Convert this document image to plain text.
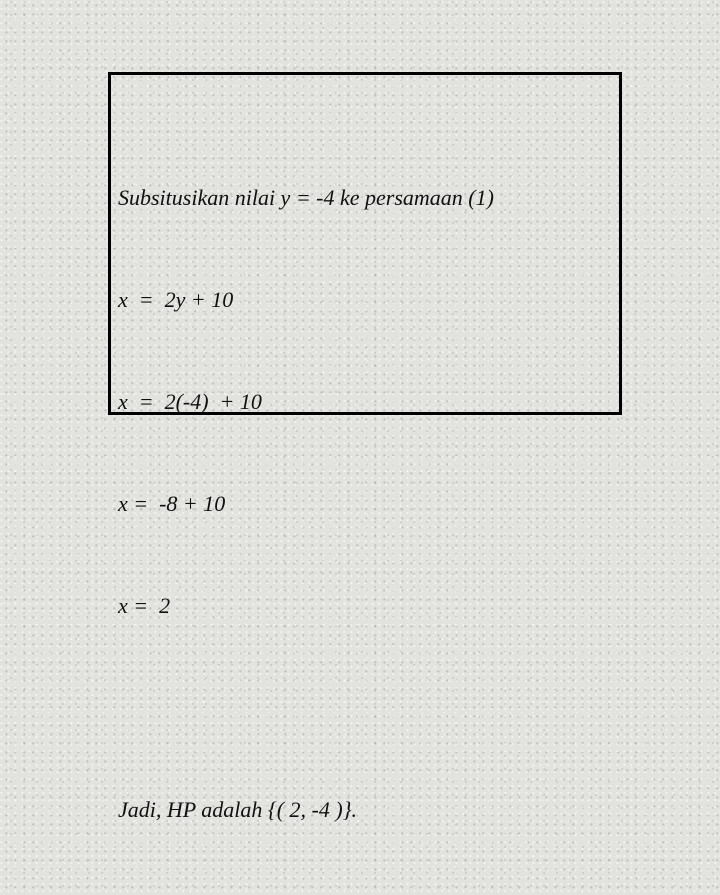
Subsitusikan nilai y = -4 ke persamaan (1)

x  =  2y + 10

x  =  2(-4)  + 10

x =  -8 + 10

x =  2

Jadi, HP adalah {( 2, -4 )}.
